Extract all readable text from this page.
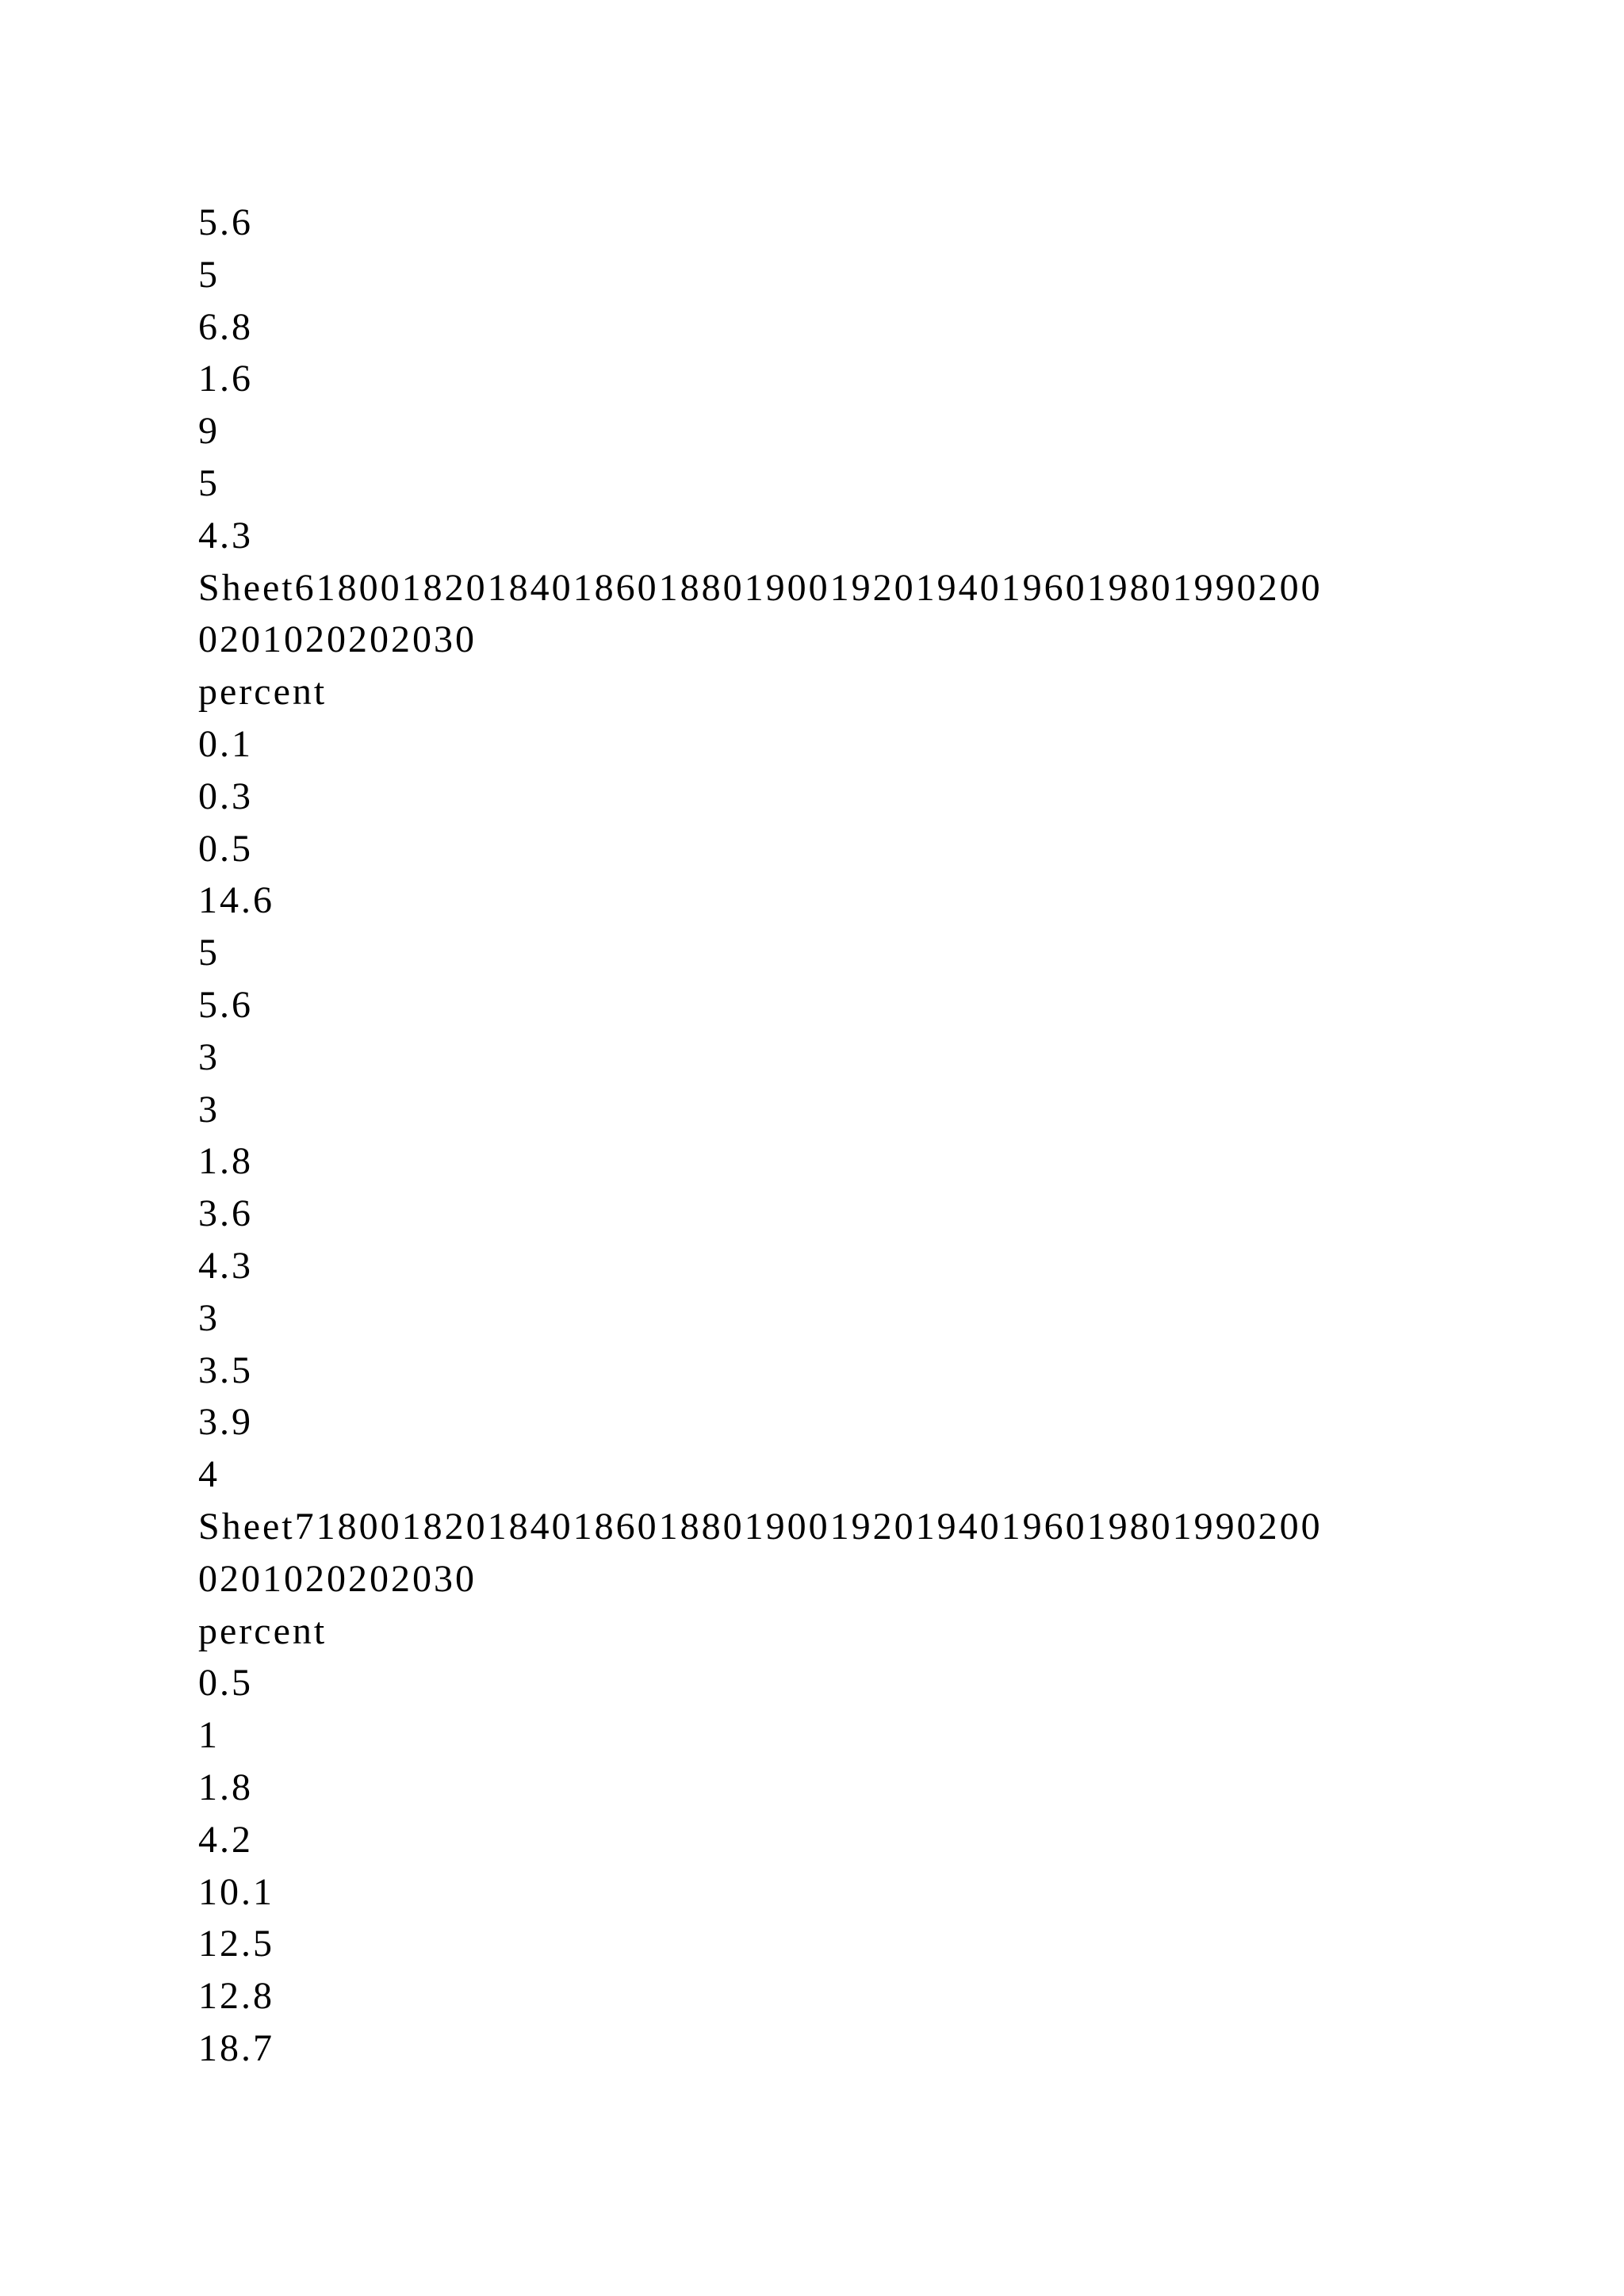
5.6
5
6.8
1.6
9
5
4.3
Sheet6180018201840186018801900192019401960198019902​00
0201020202030
percent
0.1
0.3
0.5
14.6
5
5.6
3
3
1.8
3.6
4.3
3
3.5
3.9
4
Sheet7180018201840186018801900192019401960198019902​00
0201020202030
percent
0.5
1
1.8
4.2
10.1
12.5
12.8
18.7
